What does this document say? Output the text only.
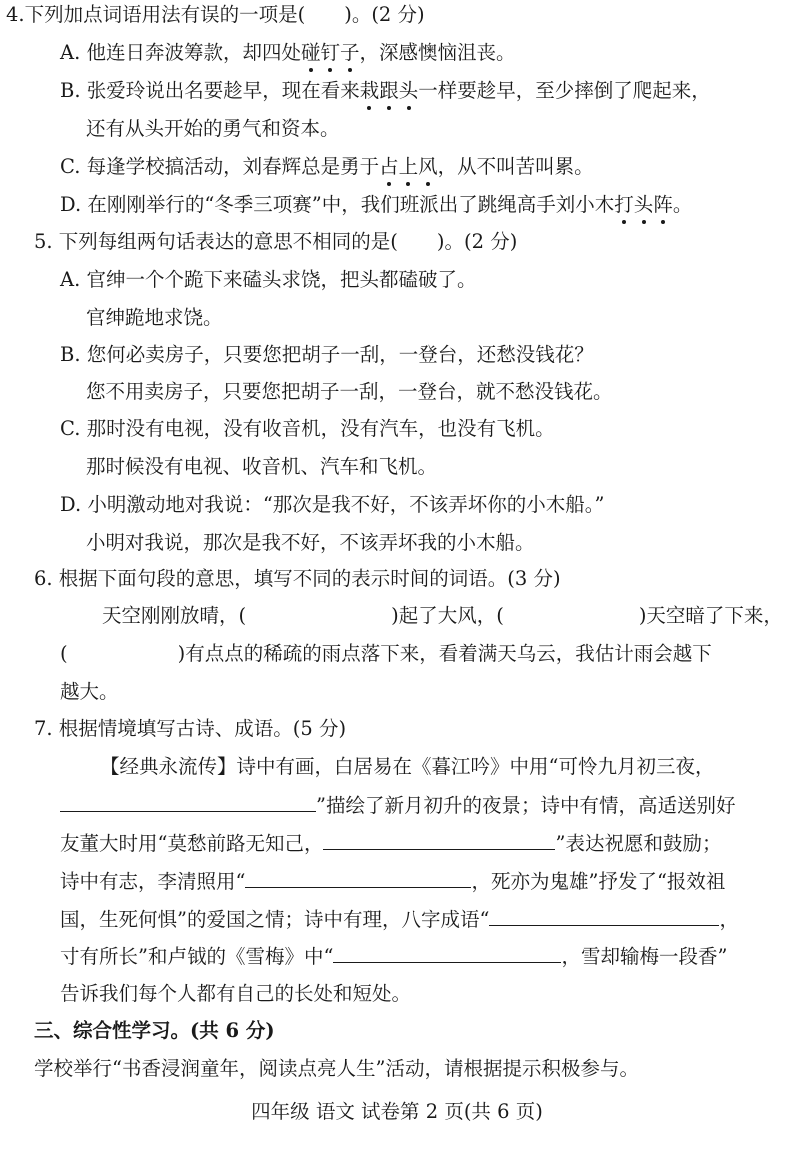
4.下列加点词语用法有误的一项是(　　)。(2 分)
A. 他连日奔波筹款，却四处碰钉子，深感懊恼沮丧。
B. 张爱玲说出名要趁早，现在看来栽跟头一样要趁早，至少摔倒了爬起来，
还有从头开始的勇气和资本。
C. 每逢学校搞活动，刘春辉总是勇于占上风，从不叫苦叫累。
D. 在刚刚举行的“冬季三项赛”中，我们班派出了跳绳高手刘小木打头阵。
5. 下列每组两句话表达的意思不相同的是(　　)。(2 分)
A. 官绅一个个跪下来磕头求饶，把头都磕破了。
官绅跪地求饶。
B. 您何必卖房子，只要您把胡子一刮，一登台，还愁没钱花？
您不用卖房子，只要您把胡子一刮，一登台，就不愁没钱花。
C. 那时没有电视，没有收音机，没有汽车，也没有飞机。
那时候没有电视、收音机、汽车和飞机。
D. 小明激动地对我说：“那次是我不好，不该弄坏你的小木船。”
小明对我说，那次是我不好，不该弄坏我的小木船。
6. 根据下面句段的意思，填写不同的表示时间的词语。(3 分)
天空刚刚放晴，(	)起了大风，(	)天空暗了下来，
(	)有点点的稀疏的雨点落下来，看着满天乌云，我估计雨会越下
越大。
7. 根据情境填写古诗、成语。(5 分)
【经典永流传】诗中有画，白居易在《暮江吟》中用“可怜九月初三夜，
”描绘了新月初升的夜景；诗中有情，高适送别好
友董大时用“莫愁前路无知己，	”表达祝愿和鼓励；
诗中有志，李清照用“	，死亦为鬼雄”抒发了“报效祖
国，生死何惧”的爱国之情；诗中有理，八字成语“	，
寸有所长”和卢钺的《雪梅》中“	，雪却输梅一段香”
告诉我们每个人都有自己的长处和短处。
三、综合性学习。(共 6 分)
学校举行“书香浸润童年，阅读点亮人生”活动，请根据提示积极参与。
四年级 语文 试卷第 2 页(共 6 页)
